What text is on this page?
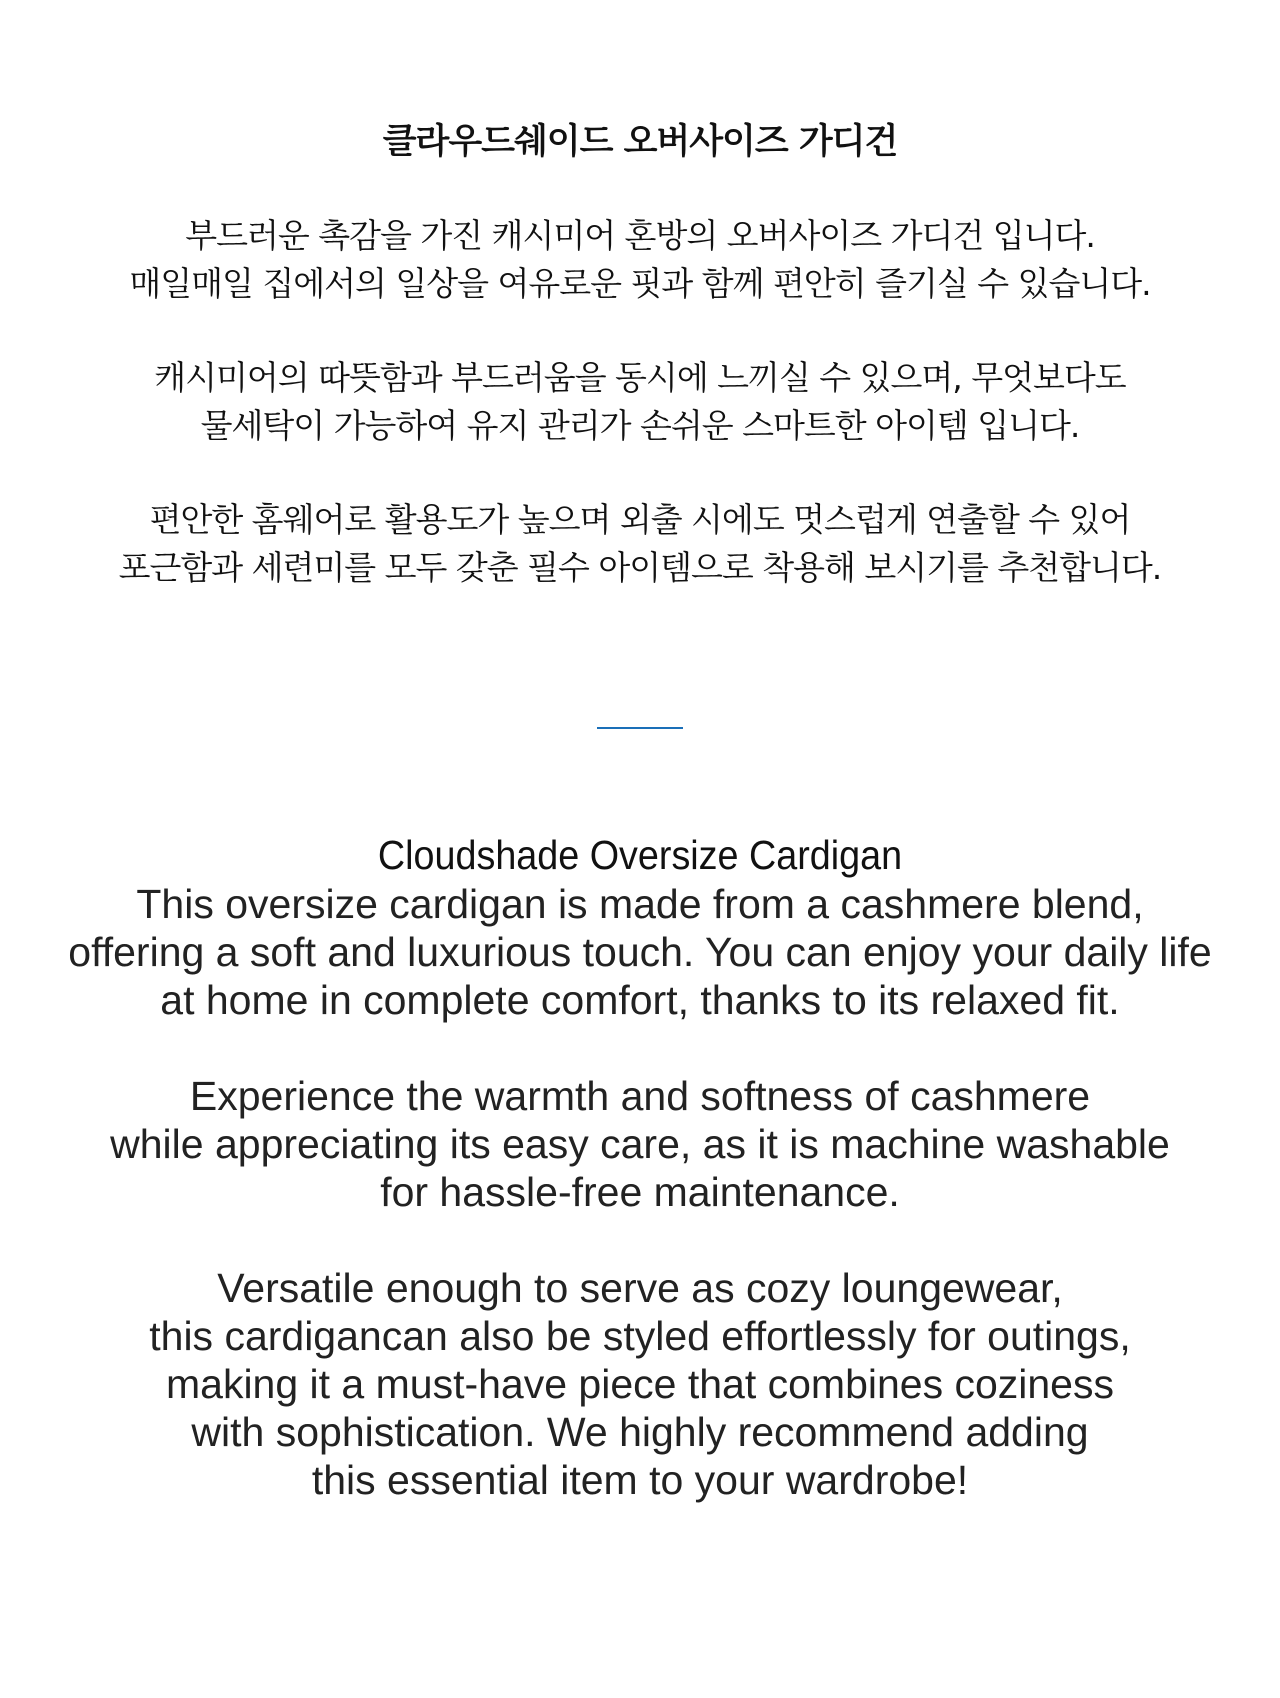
클라우드쉐이드 오버사이즈 가디건

부드러운 촉감을 가진 캐시미어 혼방의 오버사이즈 가디건 입니다.

매일매일 집에서의 일상을 여유로운 핏과 함께 편안히 즐기실 수 있습니다.

캐시미어의 따뜻함과 부드러움을 동시에 느끼실 수 있으며, 무엇보다도

물세탁이 가능하여 유지 관리가 손쉬운 스마트한 아이템 입니다.

편안한 홈웨어로 활용도가 높으며 외출 시에도 멋스럽게 연출할 수 있어

포근함과 세련미를 모두 갖춘 필수 아이템으로 착용해 보시기를 추천합니다.

Cloudshade Oversize Cardigan

This oversize cardigan is made from a cashmere blend,

offering a soft and luxurious touch. You can enjoy your daily life

at home in complete comfort, thanks to its relaxed fit.

Experience the warmth and softness of cashmere

while appreciating its easy care, as it is machine washable

for hassle-free maintenance.

Versatile enough to serve as cozy loungewear,

this cardigancan also be styled effortlessly for outings,

making it a must-have piece that combines coziness

with sophistication. We highly recommend adding

this essential item to your wardrobe!
